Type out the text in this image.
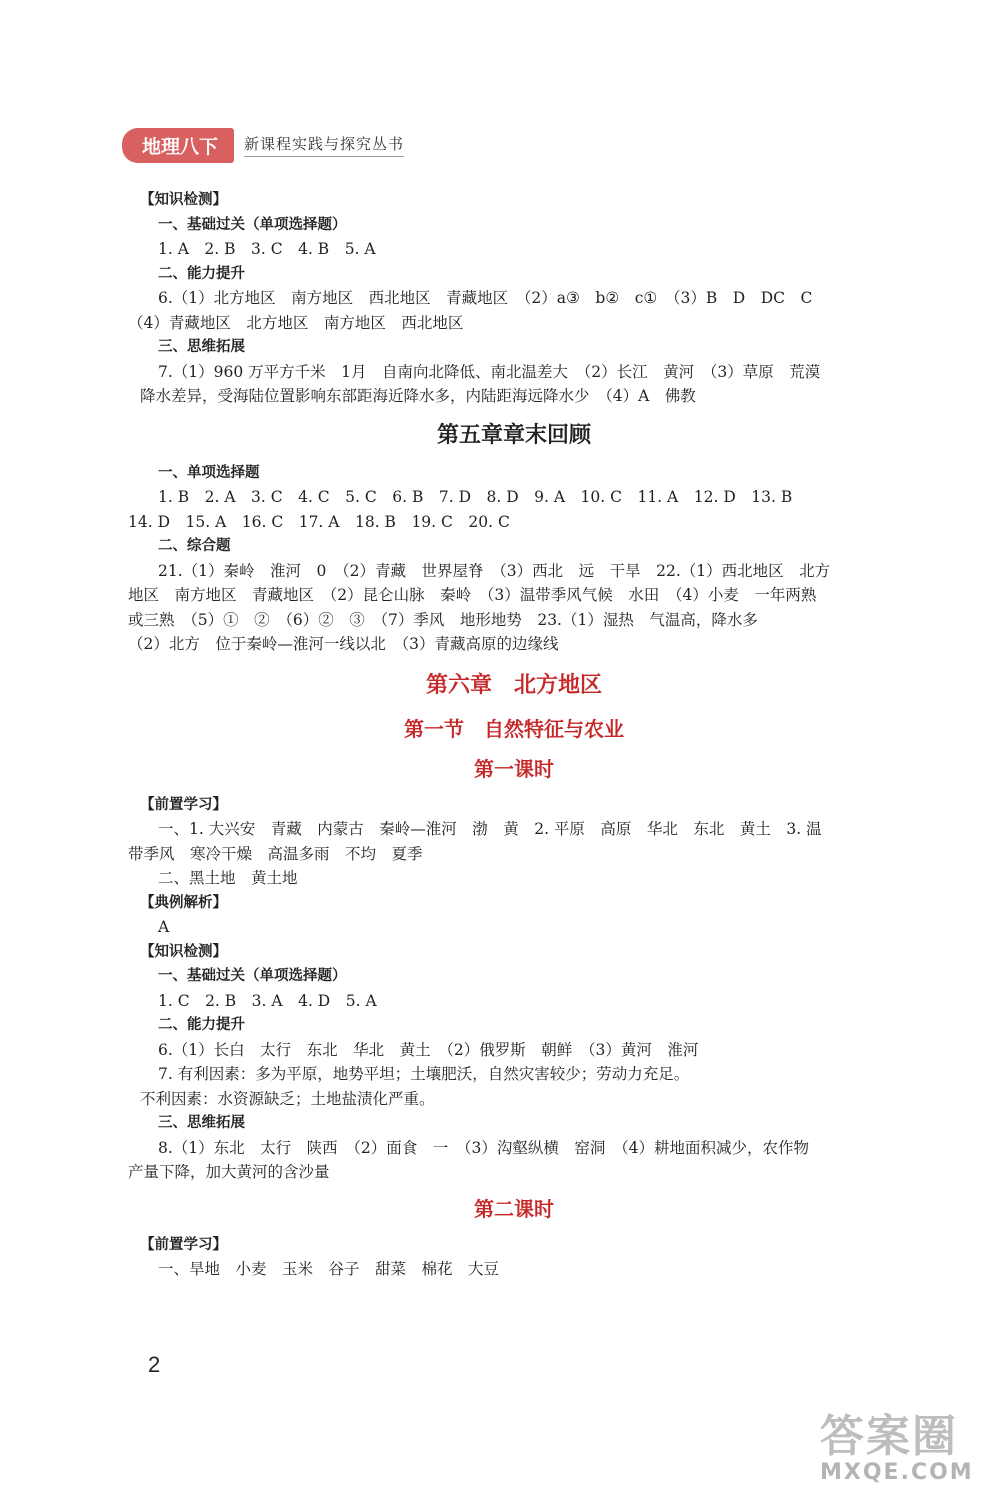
地理八下	新课程实践与探究丛书
【知识检测】
一、基础过关（单项选择题）
1. A　2. B　3. C　4. B　5. A
二、能力提升
6.（1）北方地区　南方地区　西北地区　青藏地区　（2）a③　b②　c①　（3）B　D　DC　C
（4）青藏地区　北方地区　南方地区　西北地区
三、思维拓展
7.（1）960 万平方千米　1月　自南向北降低、南北温差大　（2）长江　黄河　（3）草原　荒漠
降水差异，受海陆位置影响东部距海近降水多，内陆距海远降水少　（4）A　佛教
第五章章末回顾
一、单项选择题
1. B　2. A　3. C　4. C　5. C　6. B　7. D　8. D　9. A　10. C　11. A　12. D　13. B
14. D　15. A　16. C　17. A　18. B　19. C　20. C
二、综合题
21.（1）秦岭　淮河　0　（2）青藏　世界屋脊　（3）西北　远　干旱　22.（1）西北地区　北方
地区　南方地区　青藏地区　（2）昆仑山脉　秦岭　（3）温带季风气候　水田　（4）小麦　一年两熟
或三熟　（5）①　②　（6）②　③　（7）季风　地形地势　23.（1）湿热　气温高，降水多
（2）北方　位于秦岭—淮河一线以北　（3）青藏高原的边缘线
第六章　北方地区
第一节　自然特征与农业
第一课时
【前置学习】
一、1. 大兴安　青藏　内蒙古　秦岭—淮河　渤　黄　2. 平原　高原　华北　东北　黄土　3. 温
带季风　寒冷干燥　高温多雨　不均　夏季
二、黑土地　黄土地
【典例解析】
A
【知识检测】
一、基础过关（单项选择题）
1. C　2. B　3. A　4. D　5. A
二、能力提升
6.（1）长白　太行　东北　华北　黄土　（2）俄罗斯　朝鲜　（3）黄河　淮河
7. 有利因素：多为平原，地势平坦；土壤肥沃，自然灾害较少；劳动力充足。
不利因素：水资源缺乏；土地盐渍化严重。
三、思维拓展
8.（1）东北　太行　陕西　（2）面食　一　（3）沟壑纵横　窑洞　（4）耕地面积减少，农作物
产量下降，加大黄河的含沙量
第二课时
【前置学习】
一、旱地　小麦　玉米　谷子　甜菜　棉花　大豆
2
答案圈
MXQE.COM
